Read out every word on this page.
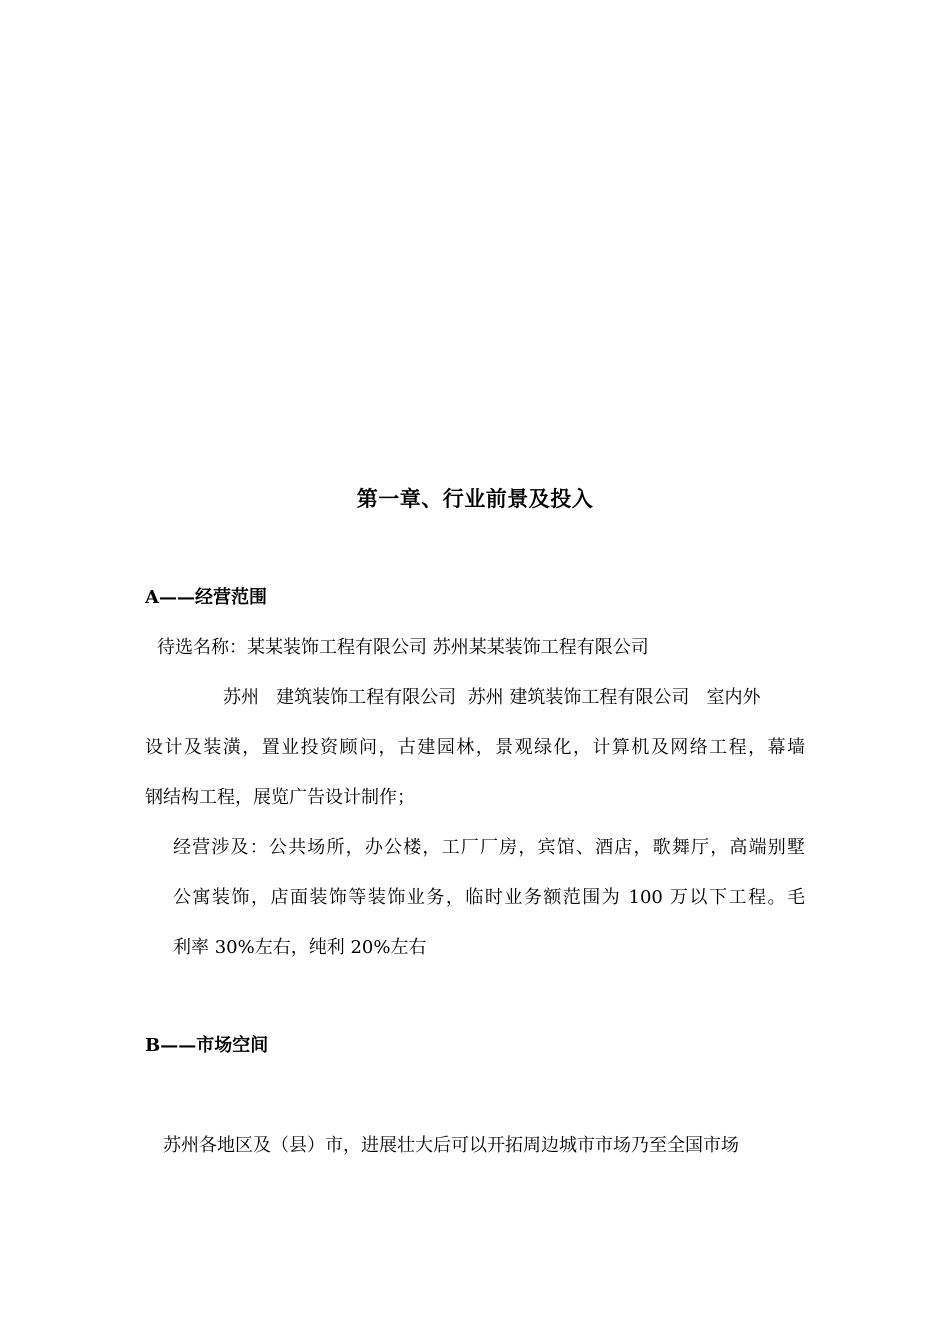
第一章、行业前景及投入
A——经营范围
待选名称：某某装饰工程有限公司 苏州某某装饰工程有限公司
苏州   建筑装饰工程有限公司  苏州 建筑装饰工程有限公司   室内外
设计及装潢，置业投资顾问，古建园林，景观绿化，计算机及网络工程，幕墙
钢结构工程，展览广告设计制作；
经营涉及：公共场所，办公楼，工厂厂房，宾馆、酒店，歌舞厅，高端别墅
公寓装饰，店面装饰等装饰业务，临时业务额范围为 100 万以下工程。毛
利率 30%左右，纯利 20%左右
B——市场空间
苏州各地区及（县）市，进展壮大后可以开拓周边城市市场乃至全国市场
